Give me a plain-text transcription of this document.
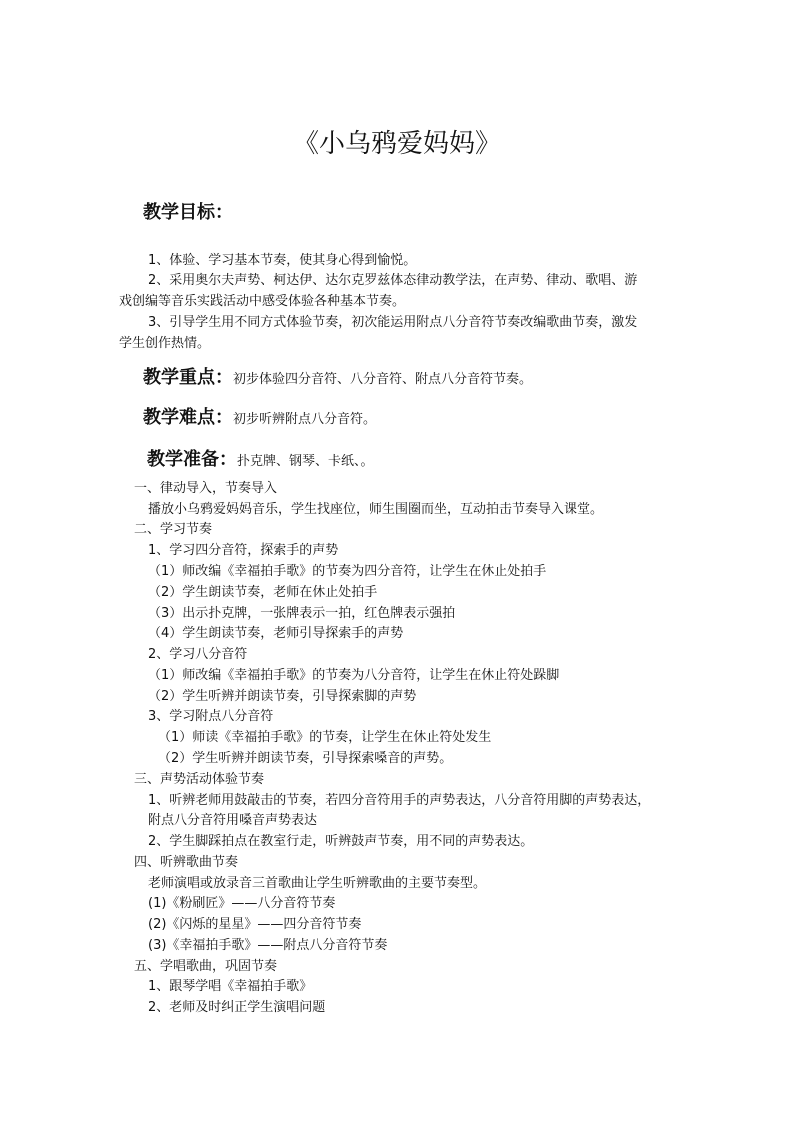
《小乌鸦爱妈妈》
教学目标：
1、体验、学习基本节奏，使其身心得到愉悦。
2、采用奥尔夫声势、柯达伊、达尔克罗兹体态律动教学法，在声势、律动、歌唱、游
戏创编等音乐实践活动中感受体验各种基本节奏。
3、引导学生用不同方式体验节奏，初次能运用附点八分音符节奏改编歌曲节奏，激发
学生创作热情。
教学重点：初步体验四分音符、八分音符、附点八分音符节奏。
教学难点：初步听辨附点八分音符。
教学准备：扑克牌、钢琴、卡纸、。
一、律动导入，节奏导入
播放小乌鸦爱妈妈音乐，学生找座位，师生围圈而坐，互动拍击节奏导入课堂。
二、学习节奏
1、学习四分音符，探索手的声势
（1）师改编《幸福拍手歌》的节奏为四分音符，让学生在休止处拍手
（2）学生朗读节奏，老师在休止处拍手
（3）出示扑克牌，一张牌表示一拍，红色牌表示强拍
（4）学生朗读节奏，老师引导探索手的声势
2、学习八分音符
（1）师改编《幸福拍手歌》的节奏为八分音符，让学生在休止符处跺脚
（2）学生听辨并朗读节奏，引导探索脚的声势
3、学习附点八分音符
（1）师读《幸福拍手歌》的节奏，让学生在休止符处发生
（2）学生听辨并朗读节奏，引导探索嗓音的声势。
三、声势活动体验节奏
1、听辨老师用鼓敲击的节奏，若四分音符用手的声势表达，八分音符用脚的声势表达，
附点八分音符用嗓音声势表达
2、学生脚踩拍点在教室行走，听辨鼓声节奏，用不同的声势表达。
四、听辨歌曲节奏
老师演唱或放录音三首歌曲让学生听辨歌曲的主要节奏型。
(1)《粉刷匠》——八分音符节奏
(2)《闪烁的星星》——四分音符节奏
(3)《幸福拍手歌》——附点八分音符节奏
五、学唱歌曲，巩固节奏
1、跟琴学唱《幸福拍手歌》
2、老师及时纠正学生演唱问题
